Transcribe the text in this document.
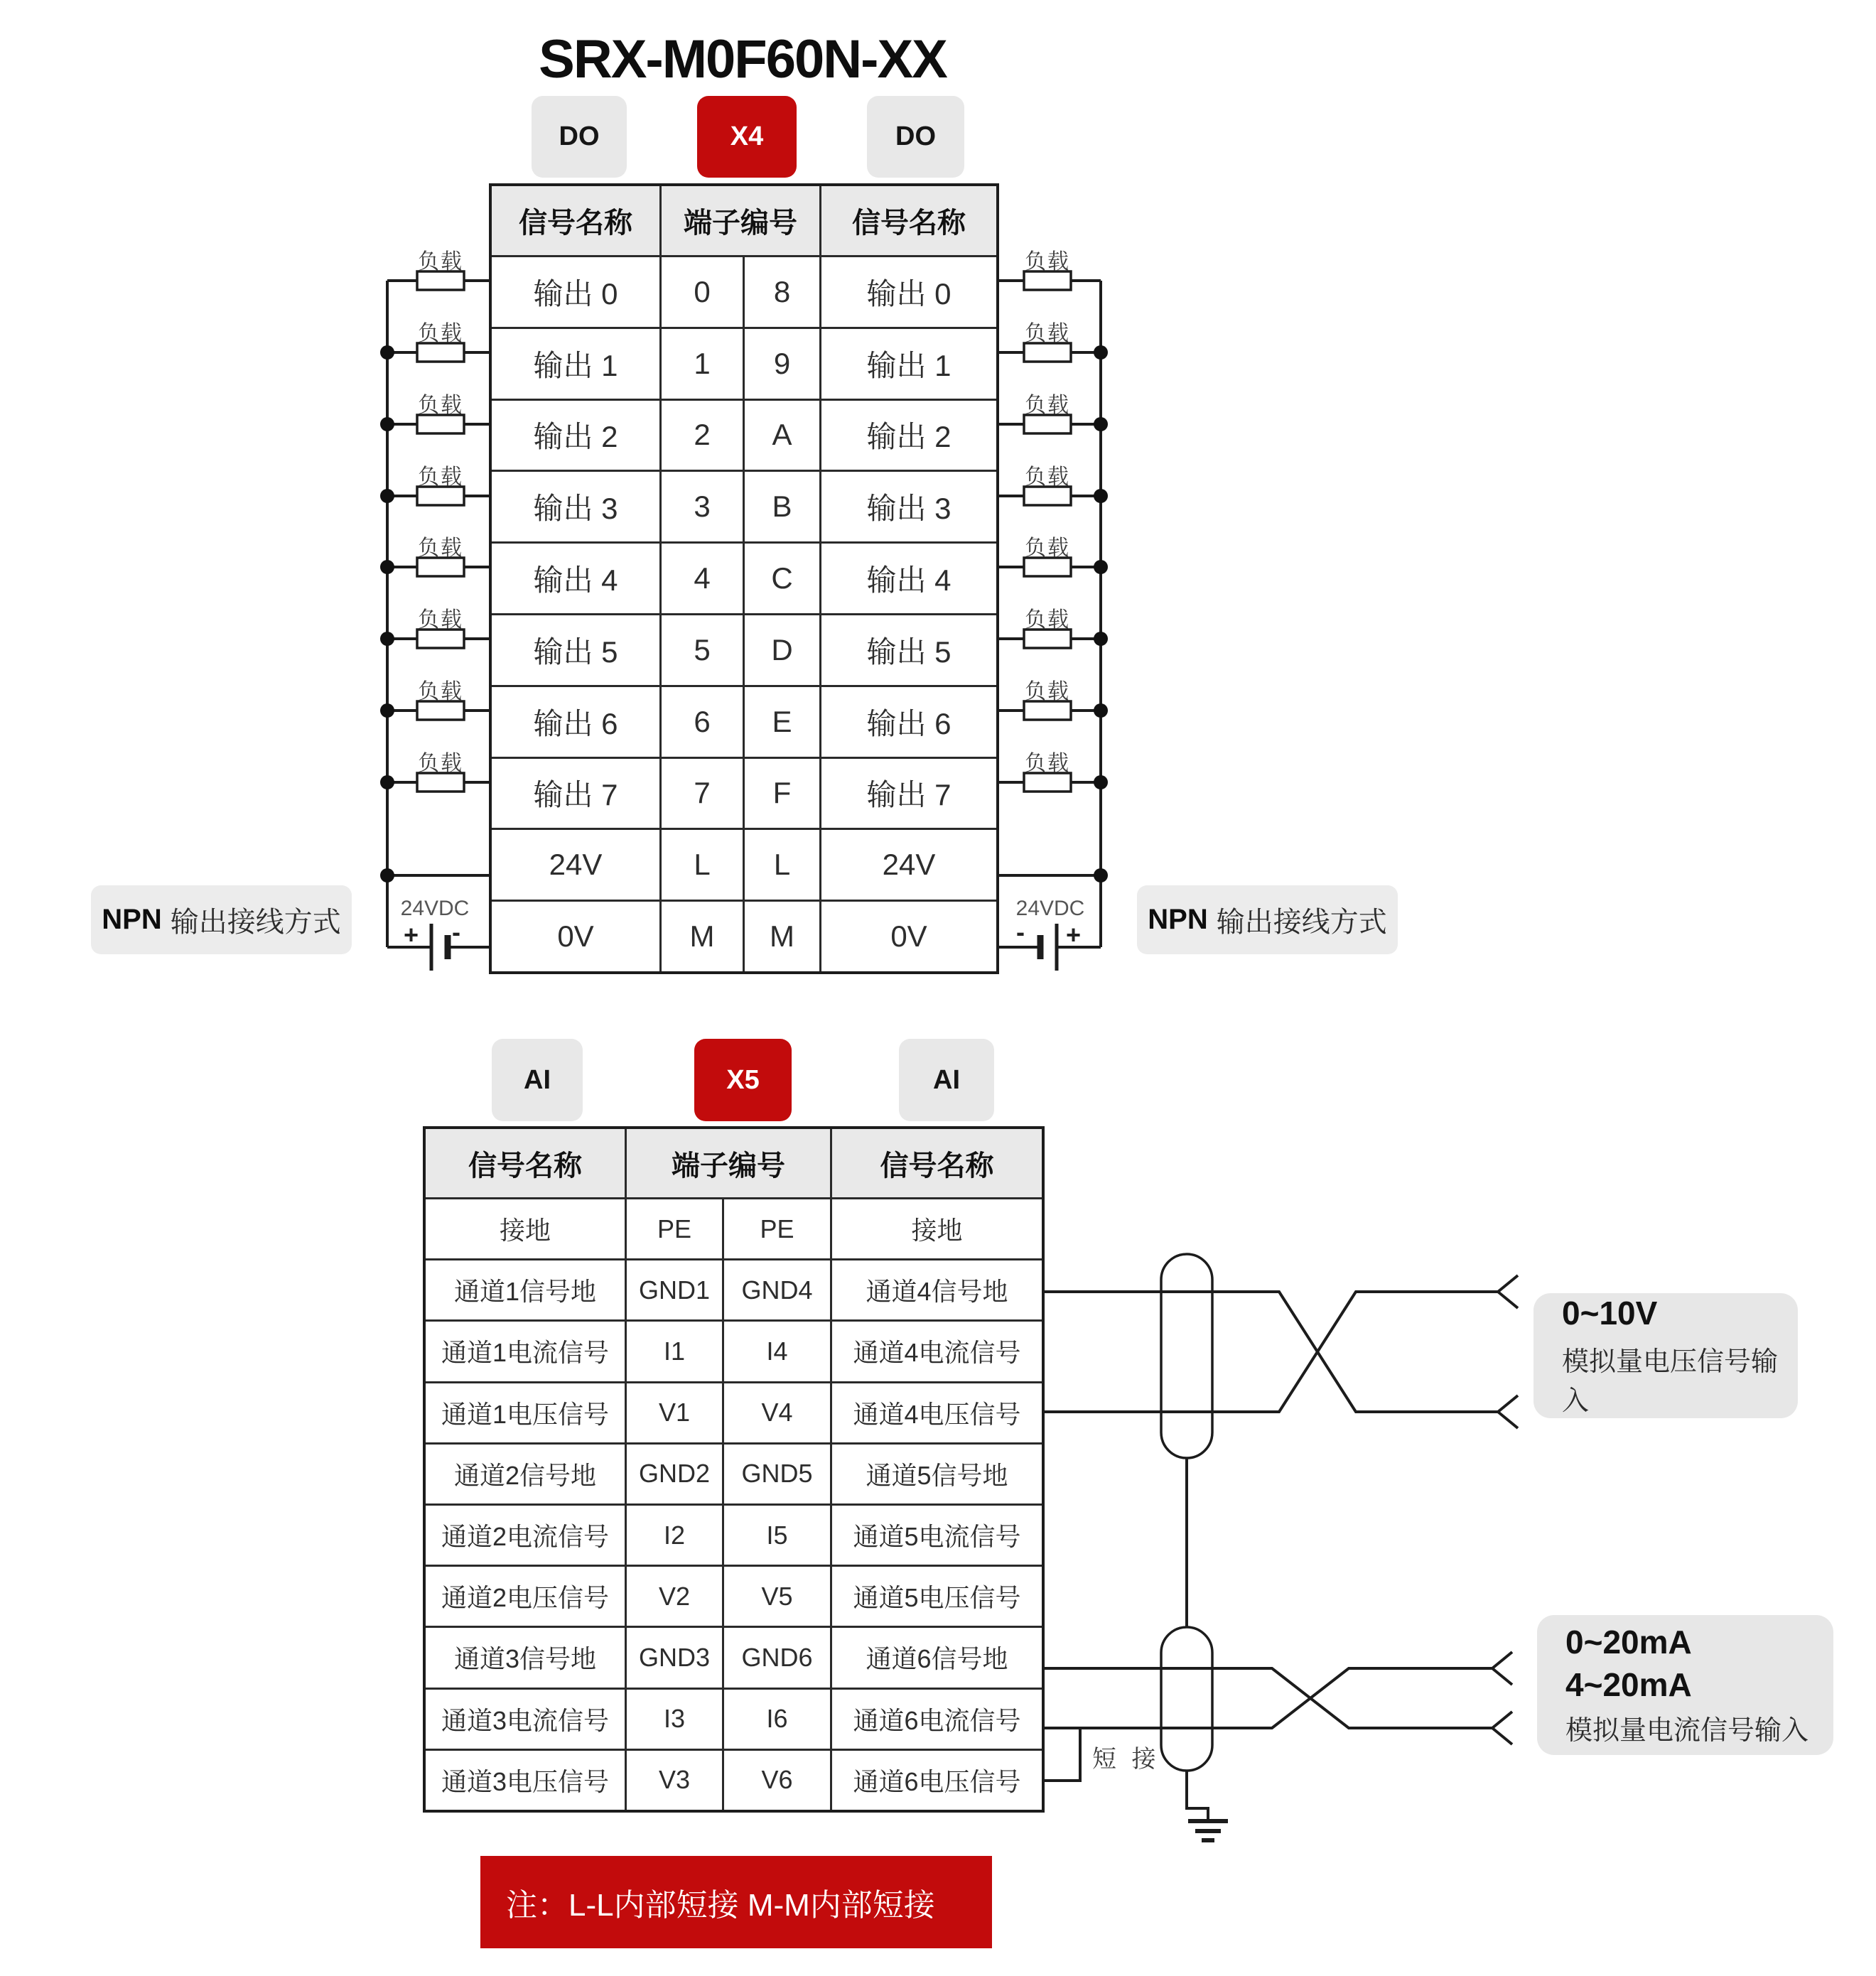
SRX-M0F60N-XX
DO	X4	DO
信号名称	端子编号	信号名称
输出 0	0	8	输出 0
输出 1	1	9	输出 1
输出 2	2	A	输出 2
输出 3	3	B	输出 3
输出 4	4	C	输出 4
输出 5	5	D	输出 5
输出 6	6	E	输出 6
输出 7	7	F	输出 7
24V	L	L	24V
0V	M	M	0V
负载
负载
负载
负载
负载
负载
负载
负载
负载
负载
负载
负载
负载
负载
负载
负载
24VDC
+ -
24VDC
- +
NPN 输出接线方式	NPN 输出接线方式
AI	X5	AI
信号名称	端子编号	信号名称
接地	PE	PE	接地
通道1信号地	GND1	GND4	通道4信号地
通道1电流信号	I1	I4	通道4电流信号
通道1电压信号	V1	V4	通道4电压信号
通道2信号地	GND2	GND5	通道5信号地
通道2电流信号	I2	I5	通道5电流信号
通道2电压信号	V2	V5	通道5电压信号
通道3信号地	GND3	GND6	通道6信号地
通道3电流信号	I3	I6	通道6电流信号
通道3电压信号	V3	V6	通道6电压信号
短 接
0~10V
模拟量电压信号输入
0~20mA
4~20mA
模拟量电流信号输入
注：L-L内部短接 M-M内部短接
